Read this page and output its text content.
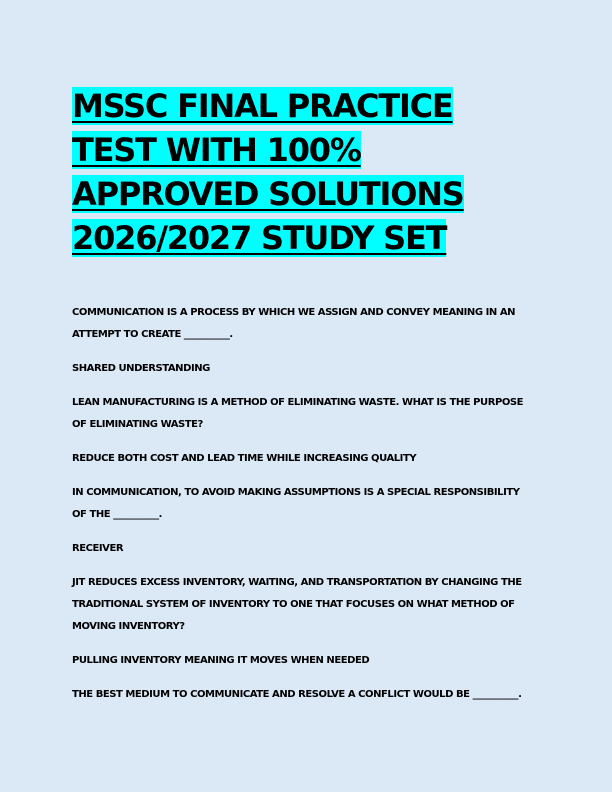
MSSC FINAL PRACTICE TEST WITH 100% APPROVED SOLUTIONS 2026/2027 STUDY SET

COMMUNICATION IS A PROCESS BY WHICH WE ASSIGN AND CONVEY MEANING IN AN ATTEMPT TO CREATE __________.

SHARED UNDERSTANDING

LEAN MANUFACTURING IS A METHOD OF ELIMINATING WASTE. WHAT IS THE PURPOSE OF ELIMINATING WASTE?

REDUCE BOTH COST AND LEAD TIME WHILE INCREASING QUALITY

IN COMMUNICATION, TO AVOID MAKING ASSUMPTIONS IS A SPECIAL RESPONSIBILITY OF THE __________.

RECEIVER

JIT REDUCES EXCESS INVENTORY, WAITING, AND TRANSPORTATION BY CHANGING THE TRADITIONAL SYSTEM OF INVENTORY TO ONE THAT FOCUSES ON WHAT METHOD OF MOVING INVENTORY?

PULLING INVENTORY MEANING IT MOVES WHEN NEEDED

THE BEST MEDIUM TO COMMUNICATE AND RESOLVE A CONFLICT WOULD BE __________.
